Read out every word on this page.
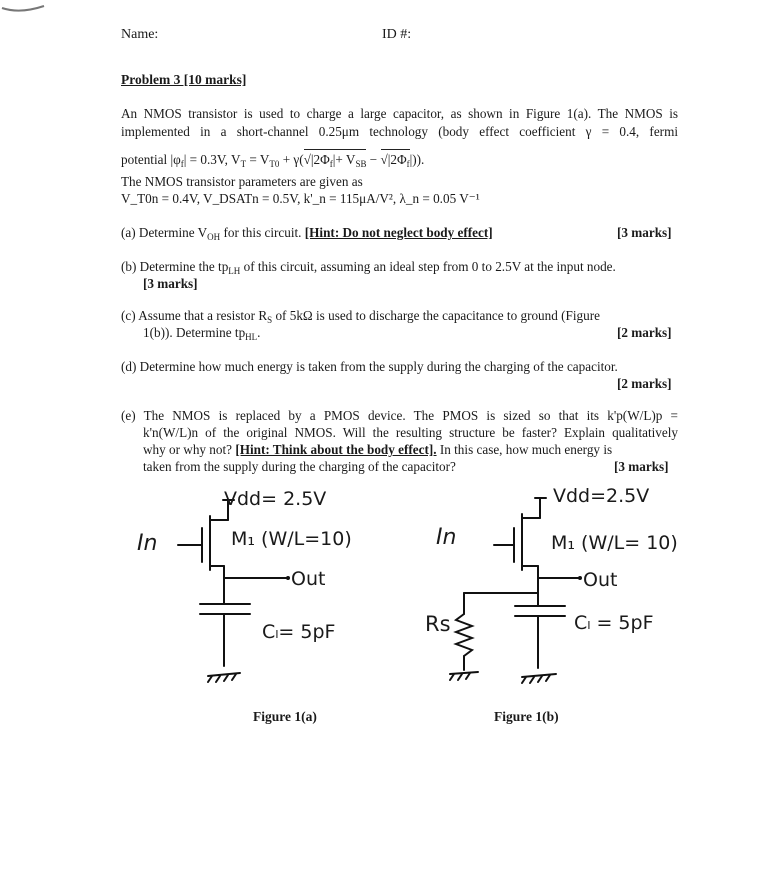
Name:	ID #:
Problem 3 [10 marks]
An NMOS transistor is used to charge a large capacitor, as shown in Figure 1(a). The NMOS is
implemented in a short-channel 0.25μm technology (body effect coefficient γ = 0.4, fermi
potential $|\varphi_f| = 0.3V$, $V_T = V_{T0} + \gamma(√|2\Phi_f|+ V_{SB} - √|2\Phi_f|)$).
The NMOS transistor parameters are given as
V_T0n = 0.4V, V_DSATn = 0.5V, k'_n = 115μA/V², λ_n = 0.05 V⁻¹
(a) Determine $V_{OH}$ for this circuit. [Hint: Do not neglect body effect]	[3 marks]
(b) Determine the $tp_{LH}$ of this circuit, assuming an ideal step from 0 to 2.5V at the input node.
[3 marks]
(c) Assume that a resistor $R_S$ of 5kΩ is used to discharge the capacitance to ground (Figure
1(b)). Determine $tp_{HL}$.	[2 marks]
(d) Determine how much energy is taken from the supply during the charging of the capacitor.
[2 marks]
(e) The NMOS is replaced by a PMOS device. The PMOS is sized so that its k'p(W/L)p =
k'n(W/L)n of the original NMOS. Will the resulting structure be faster? Explain qualitatively
why or why not? [Hint: Think about the body effect]. In this case, how much energy is
taken from the supply during the charging of the capacitor?	[3 marks]
Vdd= 2.5V
In	M₁ (W/L=10)
Out
Cₗ= 5pF
Figure 1(a)
Vdd=2.5V
In	M₁ (W/L= 10)
Out
Cₗ = 5pF
Rs
Figure 1(b)
